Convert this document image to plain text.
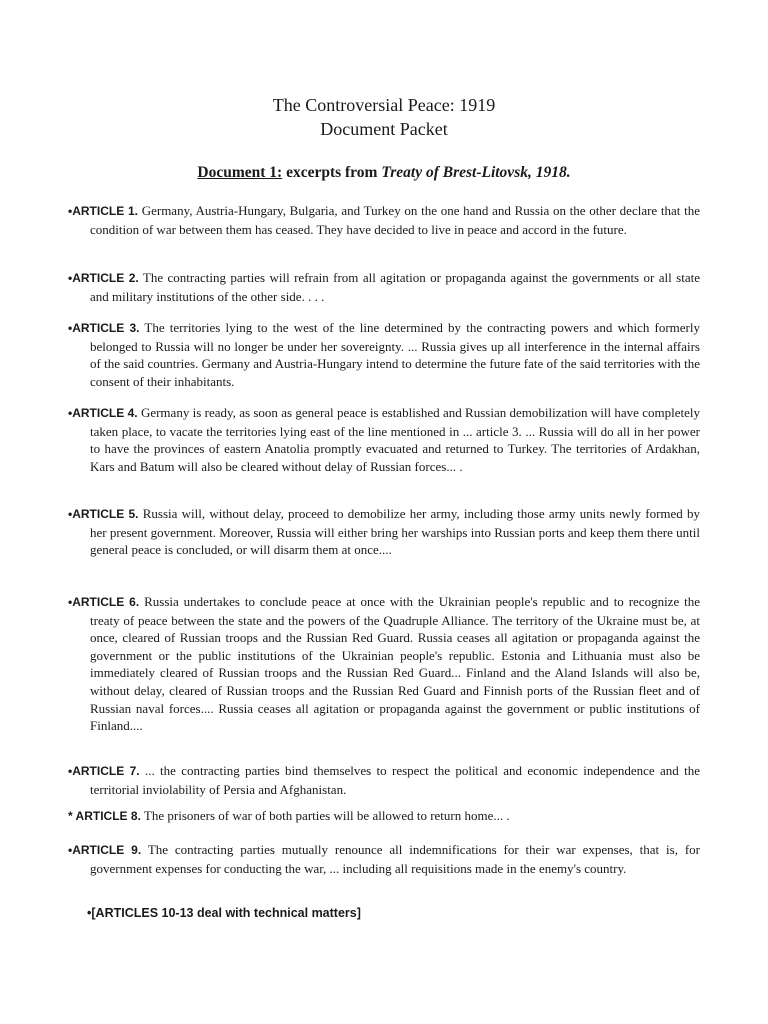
The Controversial Peace: 1919
Document Packet
Document 1: excerpts from Treaty of Brest-Litovsk, 1918.
•ARTICLE 1. Germany, Austria-Hungary, Bulgaria, and Turkey on the one hand and Russia on the other declare that the condition of war between them has ceased. They have decided to live in peace and accord in the future.
•ARTICLE 2. The contracting parties will refrain from all agitation or propaganda against the governments or all state and military institutions of the other side. . . .
•ARTICLE 3. The territories lying to the west of the line determined by the contracting powers and which formerly belonged to Russia will no longer be under her sovereignty. ... Russia gives up all interference in the internal affairs of the said countries. Germany and Austria-Hungary intend to determine the future fate of the said territories with the consent of their inhabitants.
•ARTICLE 4. Germany is ready, as soon as general peace is established and Russian demobilization will have completely taken place, to vacate the territories lying east of the line mentioned in ... article 3. ... Russia will do all in her power to have the provinces of eastern Anatolia promptly evacuated and returned to Turkey. The territories of Ardakhan, Kars and Batum will also be cleared without delay of Russian forces... .
•ARTICLE 5. Russia will, without delay, proceed to demobilize her army, including those army units newly formed by her present government. Moreover, Russia will either bring her warships into Russian ports and keep them there until general peace is concluded, or will disarm them at once....
•ARTICLE 6. Russia undertakes to conclude peace at once with the Ukrainian people's republic and to recognize the treaty of peace between the state and the powers of the Quadruple Alliance. The territory of the Ukraine must be, at once, cleared of Russian troops and the Russian Red Guard. Russia ceases all agitation or propaganda against the government or the public institutions of the Ukrainian people's republic. Estonia and Lithuania must also be immediately cleared of Russian troops and the Russian Red Guard... Finland and the Aland Islands will also be, without delay, cleared of Russian troops and the Russian Red Guard and Finnish ports of the Russian fleet and of Russian naval forces.... Russia ceases all agitation or propaganda against the government or public institutions of Finland....
•ARTICLE 7. ... the contracting parties bind themselves to respect the political and economic independence and the territorial inviolability of Persia and Afghanistan.
* ARTICLE 8. The prisoners of war of both parties will be allowed to return home... .
•ARTICLE 9. The contracting parties mutually renounce all indemnifications for their war expenses, that is, for government expenses for conducting the war, ... including all requisitions made in the enemy's country.
•[ARTICLES 10-13 deal with technical matters]
